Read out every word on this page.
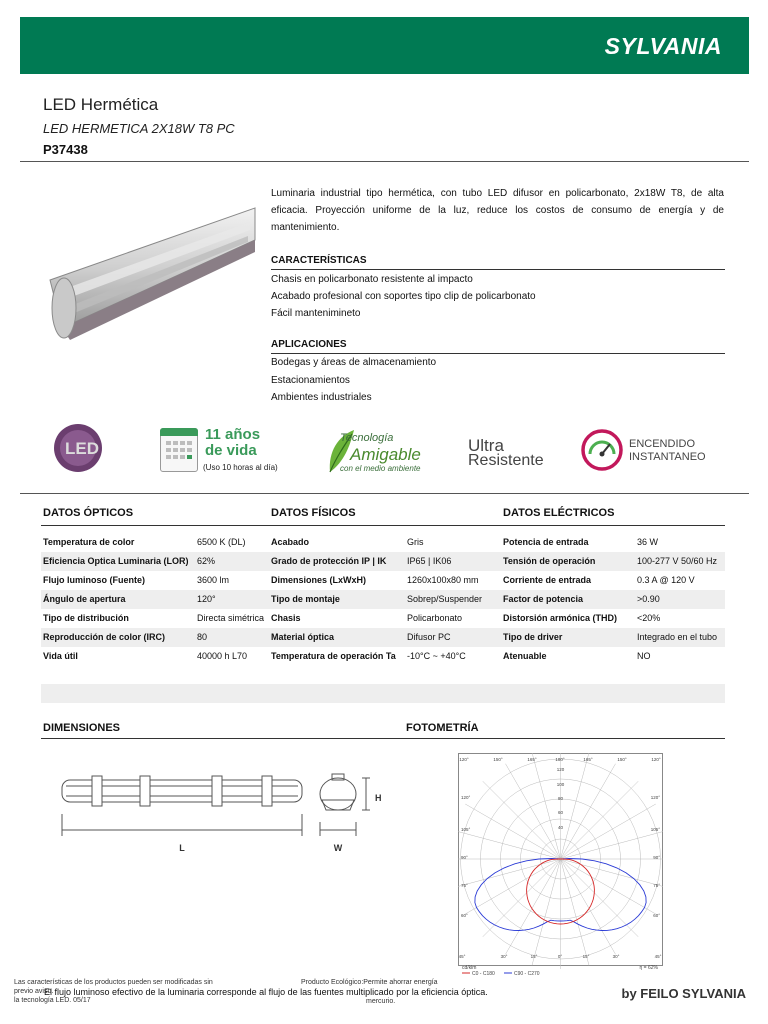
SYLVANIA
LED Hermética
LED HERMETICA 2X18W T8 PC
P37438
Luminaria industrial tipo hermética, con tubo LED difusor en policarbonato, 2x18W T8, de alta eficacia. Proyección uniforme de la luz, reduce los costos de consumo de energía y de mantenimiento.
CARACTERÍSTICAS
Chasis en policarbonato resistente al impacto
Acabado profesional con soportes tipo clip de policarbonato
Fácil mantenimineto
APLICACIONES
Bodegas y áreas de almacenamiento
Estacionamientos
Ambientes industriales
LED
11 años
de vida
(Uso 10 horas al día)
Tecnología
Amigable
con el medio ambiente
Ultra
Resistente
ENCENDIDO
INSTANTANEO
DATOS ÓPTICOS	DATOS FÍSICOS	DATOS ELÉCTRICOS
Temperatura de color	6500 K (DL)	Acabado	Gris	Potencia de entrada	36 W
Eficiencia Optica Luminaria (LOR) 62%	Grado de protección IP | IK IP65 | IK06	Tensión de operación	100-277 V 50/60 Hz
Flujo luminoso (Fuente)	3600 lm	Dimensiones (LxWxH)	1260x100x80 mm	Corriente de entrada	0.3 A @ 120 V
Ángulo de apertura	120°	Tipo de montaje	Sobrep/Suspender Factor de potencia	>0.90
Tipo de distribución	Directa simétrica Chasis	Policarbonato	Distorsión armónica (THD) <20%
Reproducción de color (IRC)	80	Material óptica	Difusor PC	Tipo de driver	Integrado en el tubo
Vida útil	40000 h L70	Temperatura de operación Ta -10°C ~ +40°C	Atenuable	NO
DIMENSIONES
L	W
H
FOTOMETRÍA
120°	150°	165°	180°	165°	150°	120°
120°	120°
105°	105°
90°	90°
75°	75°
60°	60°
45°	30°	15°	0°	15°	30°	45°
120
100
80
60
40
cd/klm
C0 - C180	C90 - C270
η = 62%
Las características de los productos pueden ser modificadas sin previo aviso.
la tecnología LED. 05/17
Producto Ecológico:Permite ahorrar energía
mercurio.
El flujo luminoso efectivo de la luminaria corresponde al flujo de las fuentes multiplicado por la eficiencia óptica.	by FEILO SYLVANIA
